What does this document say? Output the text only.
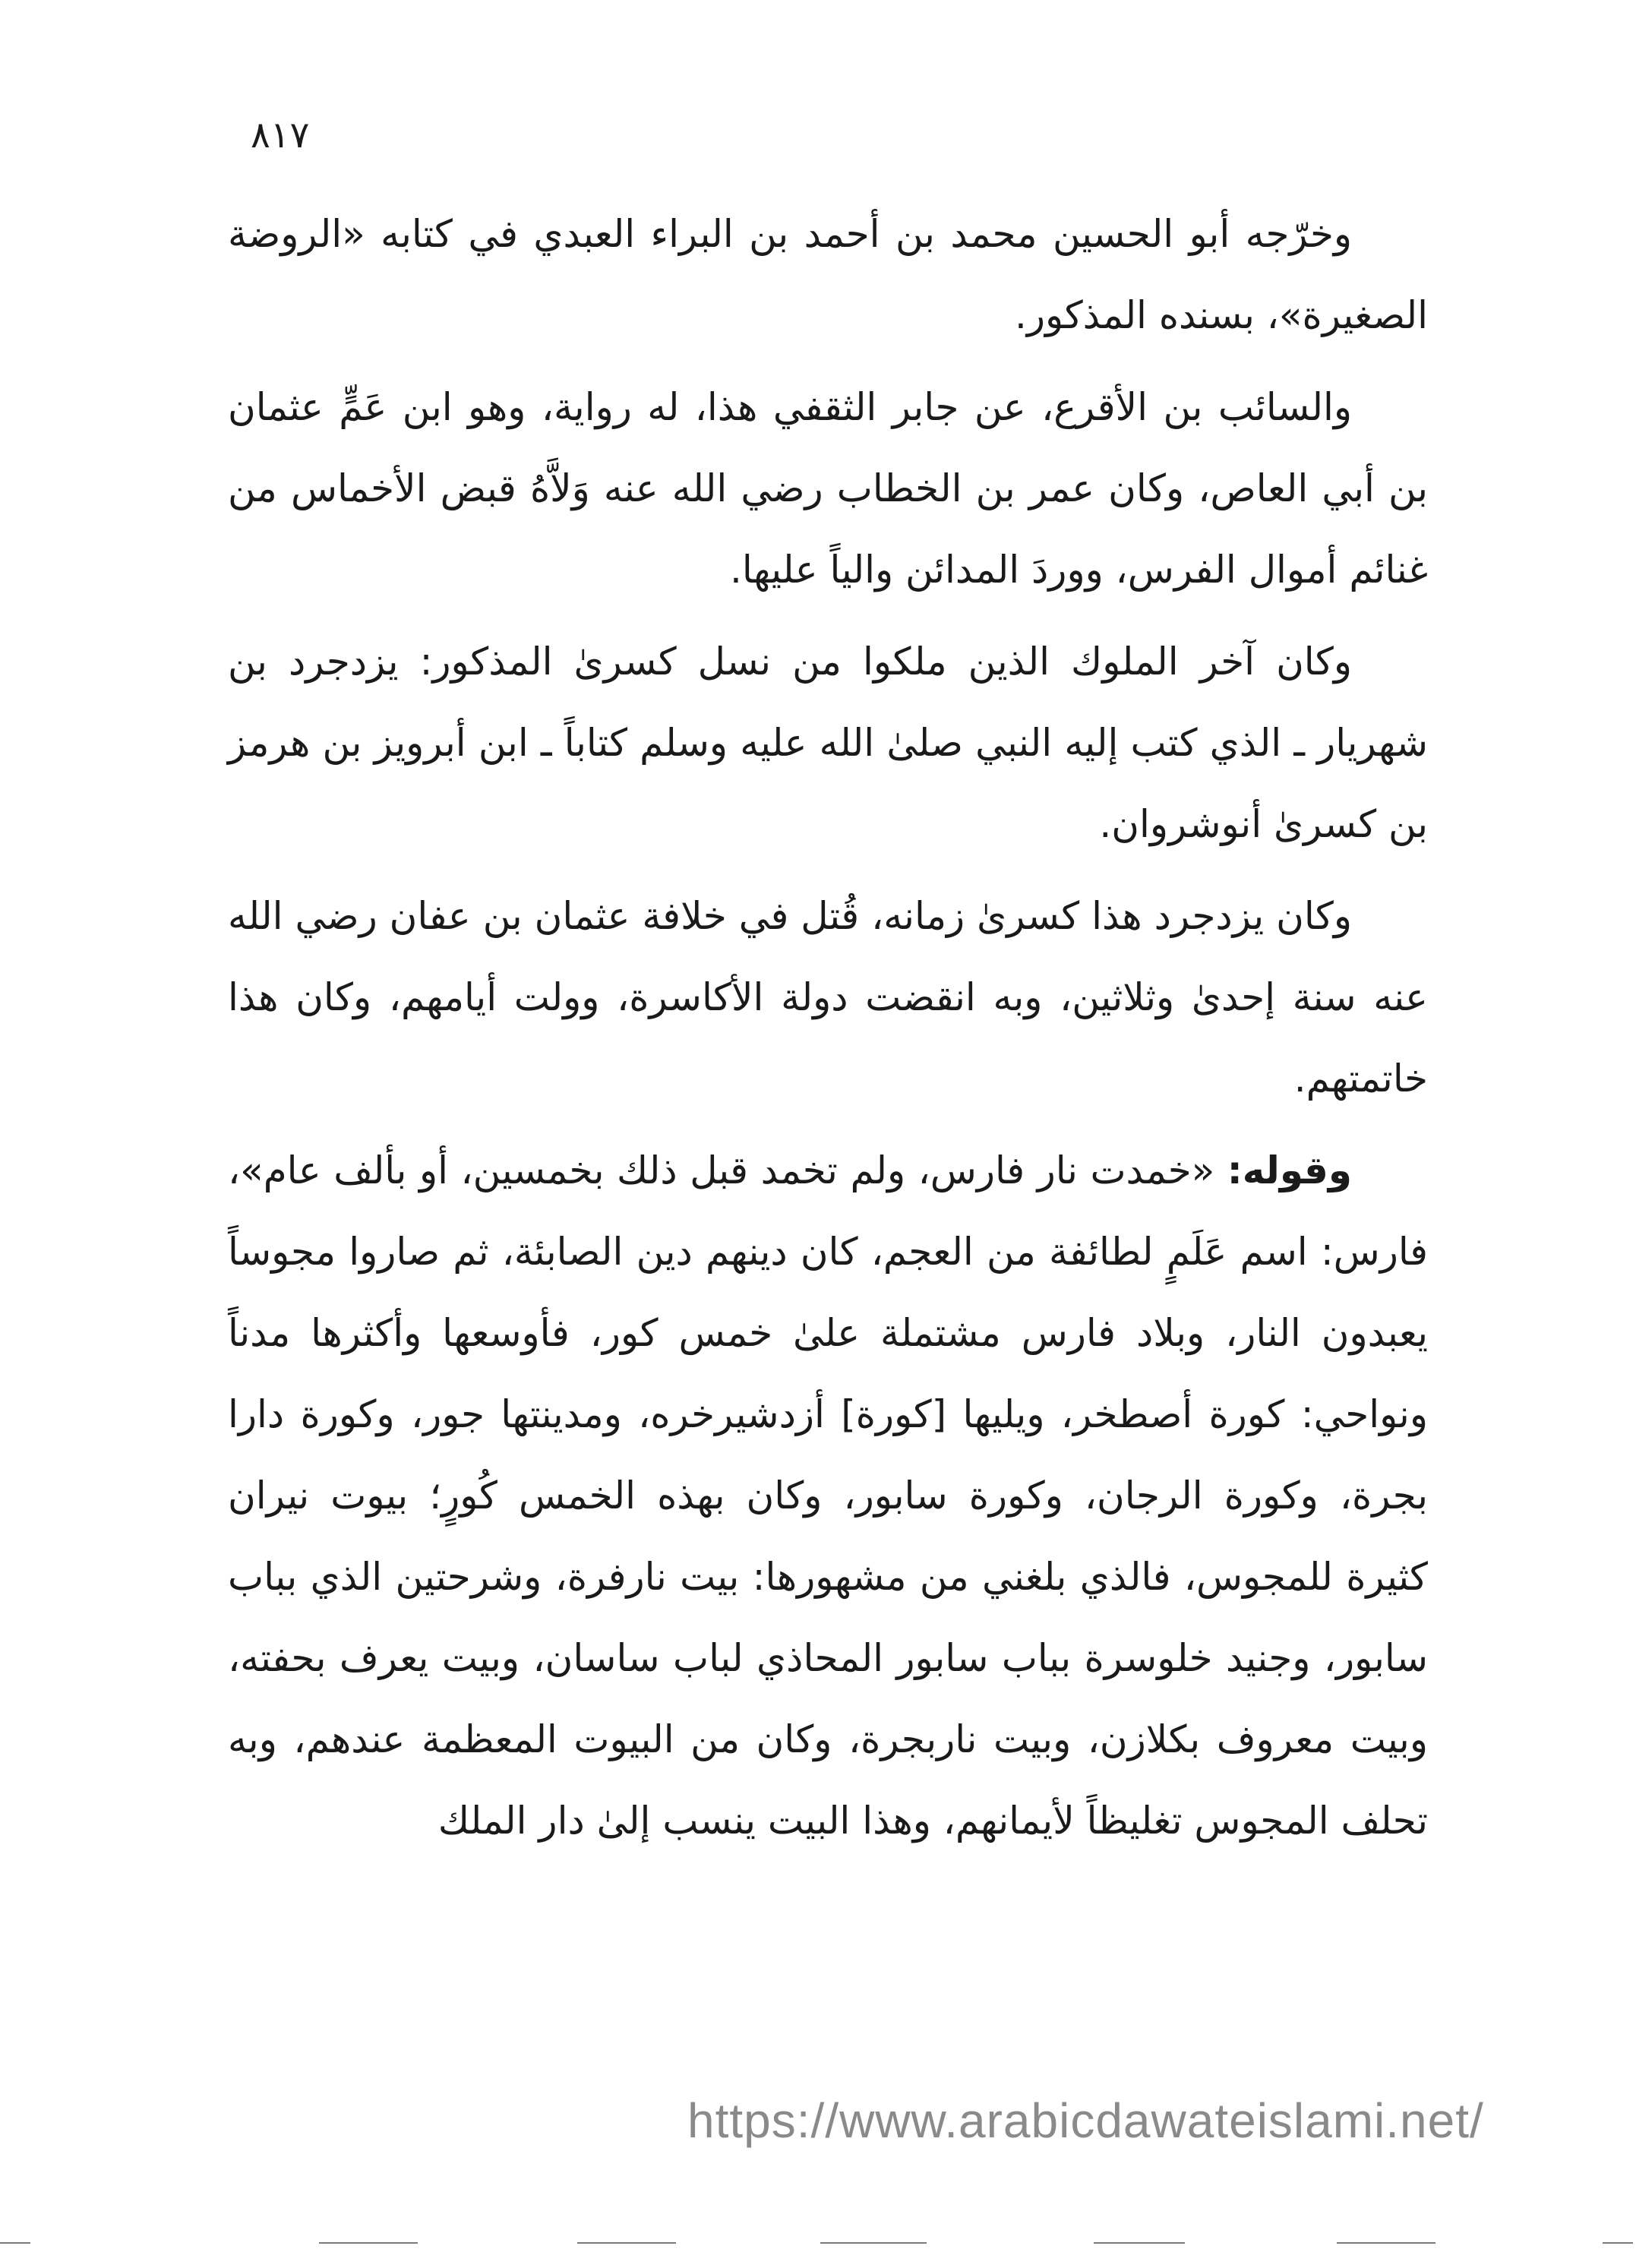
٨١٧

وخرّجه أبو الحسين محمد بن أحمد بن البراء العبدي في كتابه «الروضة الصغيرة»، بسنده المذكور.

والسائب بن الأقرع، عن جابر الثقفي هذا، له رواية، وهو ابن عَمٍّ عثمان بن أبي العاص، وكان عمر بن الخطاب رضي الله عنه وَلاَّهُ قبض الأخماس من غنائم أموال الفرس، ووردَ المدائن والياً عليها.

وكان آخر الملوك الذين ملكوا من نسل كسرىٰ المذكور: يزدجرد بن شهريار ـ الذي كتب إليه النبي صلىٰ الله عليه وسلم كتاباً ـ ابن أبرويز بن هرمز بن كسرىٰ أنوشروان.

وكان يزدجرد هذا كسرىٰ زمانه، قُتل في خلافة عثمان بن عفان رضي الله عنه سنة إحدىٰ وثلاثين، وبه انقضت دولة الأكاسرة، وولت أيامهم، وكان هذا خاتمتهم.

وقوله: «خمدت نار فارس، ولم تخمد قبل ذلك بخمسين، أو بألف عام»، فارس: اسم عَلَمٍ لطائفة من العجم، كان دينهم دين الصابئة، ثم صاروا مجوساً يعبدون النار، وبلاد فارس مشتملة علىٰ خمس كور، فأوسعها وأكثرها مدناً ونواحي: كورة أصطخر، ويليها [كورة] أزدشيرخره، ومدينتها جور، وكورة دارا بجرة، وكورة الرجان، وكورة سابور، وكان بهذه الخمس كُورٍ؛ بيوت نيران كثيرة للمجوس، فالذي بلغني من مشهورها: بيت نارفرة، وشرحتين الذي بباب سابور، وجنيد خلوسرة بباب سابور المحاذي لباب ساسان، وبيت يعرف بحفته، وبيت معروف بكلازن، وبيت ناربجرة، وكان من البيوت المعظمة عندهم، وبه تحلف المجوس تغليظاً لأيمانهم، وهذا البيت ينسب إلىٰ دار الملك

https://www.arabicdawateislami.net/
